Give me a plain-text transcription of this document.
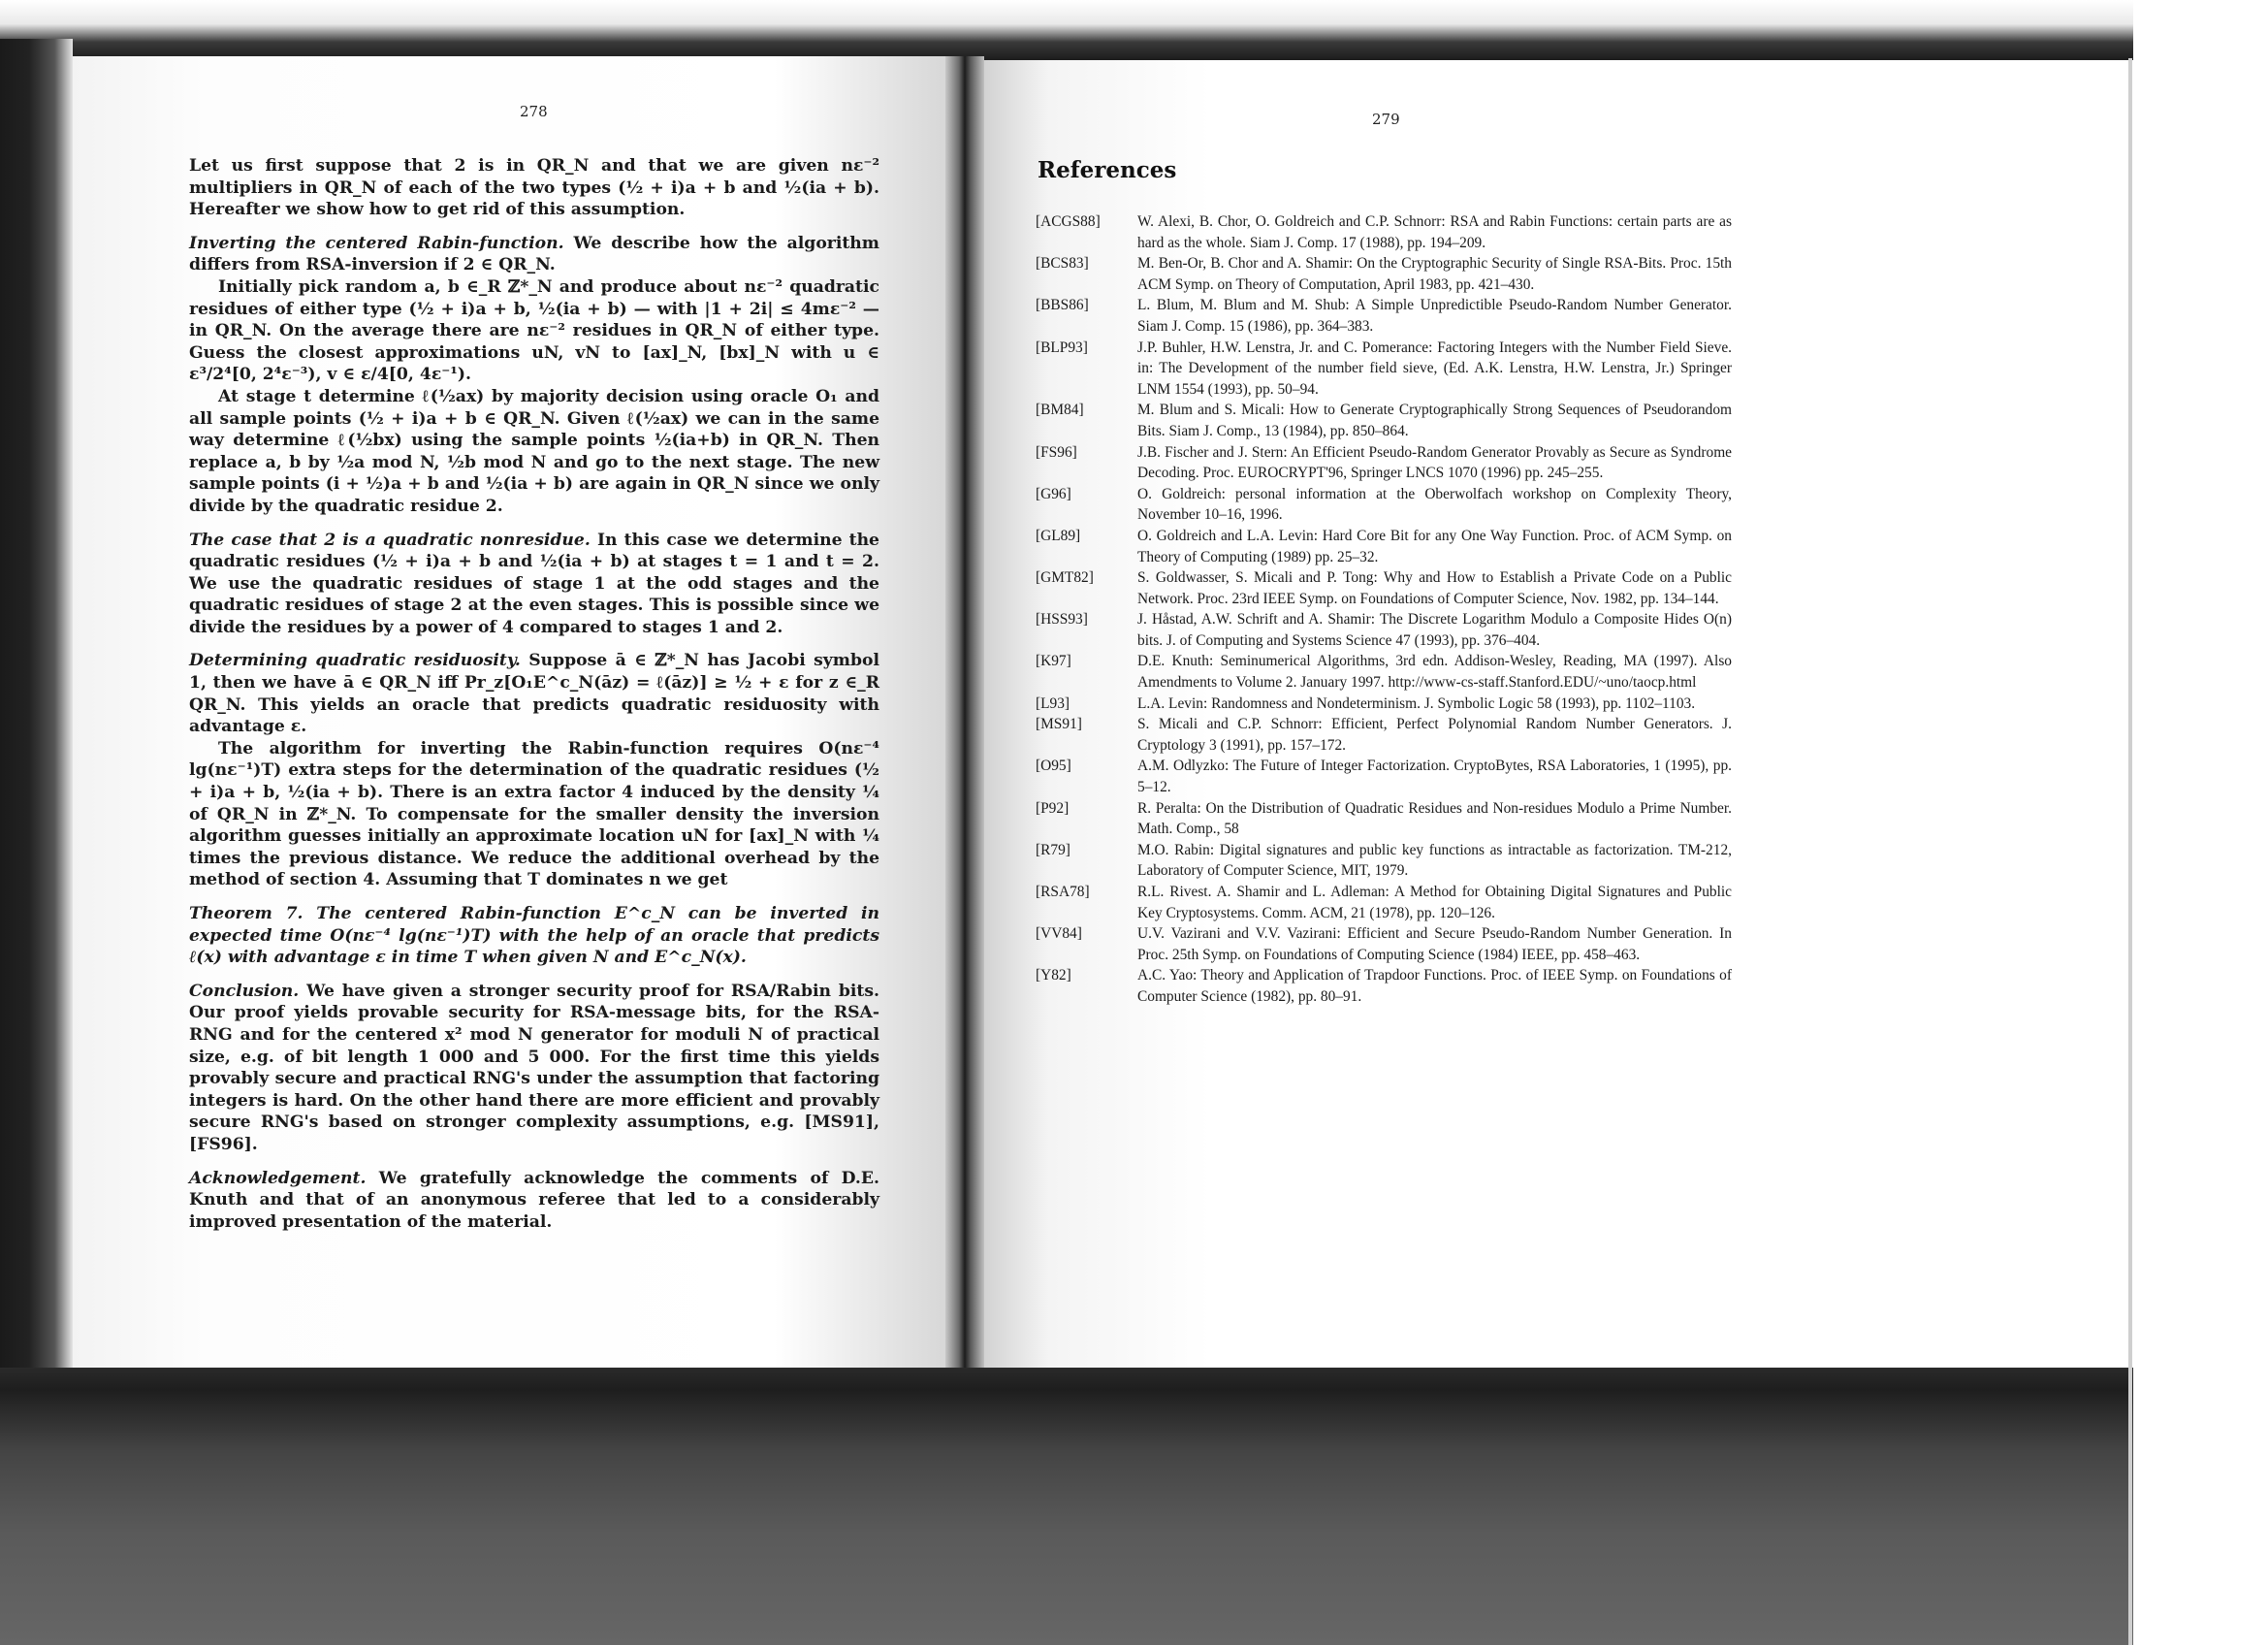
278	279

Let us first suppose that 2 is in QR_N and that we are given nε⁻² multipliers in QR_N of each of the two types (½ + i)a + b and ½(ia + b). Hereafter we show how to get rid of this assumption.

Inverting the centered Rabin-function. We describe how the algorithm differs from RSA-inversion if 2 ∈ QR_N.

Initially pick random a, b ∈_R ℤ*_N and produce about nε⁻² quadratic residues of either type (½ + i)a + b, ½(ia + b) — with |1 + 2i| ≤ 4mε⁻² — in QR_N. On the average there are nε⁻² residues in QR_N of either type. Guess the closest approximations uN, vN to [ax]_N, [bx]_N with u ∈ ε³/2⁴[0, 2⁴ε⁻³), v ∈ ε/4[0, 4ε⁻¹).

At stage t determine ℓ(½ax) by majority decision using oracle O₁ and all sample points (½ + i)a + b ∈ QR_N. Given ℓ(½ax) we can in the same way determine ℓ(½bx) using the sample points ½(ia+b) in QR_N. Then replace a, b by ½a mod N, ½b mod N and go to the next stage. The new sample points (i + ½)a + b and ½(ia + b) are again in QR_N since we only divide by the quadratic residue 2.

The case that 2 is a quadratic nonresidue. In this case we determine the quadratic residues (½ + i)a + b and ½(ia + b) at stages t = 1 and t = 2. We use the quadratic residues of stage 1 at the odd stages and the quadratic residues of stage 2 at the even stages. This is possible since we divide the residues by a power of 4 compared to stages 1 and 2.

Determining quadratic residuosity. Suppose ā ∈ ℤ*_N has Jacobi symbol 1, then we have ā ∈ QR_N iff Pr_z[O₁E^c_N(āz) = ℓ(āz)] ≥ ½ + ε for z ∈_R QR_N. This yields an oracle that predicts quadratic residuosity with advantage ε.

The algorithm for inverting the Rabin-function requires O(nε⁻⁴ lg(nε⁻¹)T) extra steps for the determination of the quadratic residues (½ + i)a + b, ½(ia + b). There is an extra factor 4 induced by the density ¼ of QR_N in ℤ*_N. To compensate for the smaller density the inversion algorithm guesses initially an approximate location uN for [ax]_N with ¼ times the previous distance. We reduce the additional overhead by the method of section 4. Assuming that T dominates n we get

Theorem 7. The centered Rabin-function E^c_N can be inverted in expected time O(nε⁻⁴ lg(nε⁻¹)T) with the help of an oracle that predicts ℓ(x) with advantage ε in time T when given N and E^c_N(x).

Conclusion. We have given a stronger security proof for RSA/Rabin bits. Our proof yields provable security for RSA-message bits, for the RSA-RNG and for the centered x² mod N generator for moduli N of practical size, e.g. of bit length 1 000 and 5 000. For the first time this yields provably secure and practical RNG's under the assumption that factoring integers is hard. On the other hand there are more efficient and provably secure RNG's based on stronger complexity assumptions, e.g. [MS91], [FS96].

Acknowledgement. We gratefully acknowledge the comments of D.E. Knuth and that of an anonymous referee that led to a considerably improved presentation of the material.

References
[ACGS88]	W. Alexi, B. Chor, O. Goldreich and C.P. Schnorr: RSA and Rabin Functions: certain parts are as hard as the whole. Siam J. Comp. 17 (1988), pp. 194–209.
[BCS83]	M. Ben-Or, B. Chor and A. Shamir: On the Cryptographic Security of Single RSA-Bits. Proc. 15th ACM Symp. on Theory of Computation, April 1983, pp. 421–430.
[BBS86]	L. Blum, M. Blum and M. Shub: A Simple Unpredictible Pseudo-Random Number Generator. Siam J. Comp. 15 (1986), pp. 364–383.
[BLP93]	J.P. Buhler, H.W. Lenstra, Jr. and C. Pomerance: Factoring Integers with the Number Field Sieve. in: The Development of the number field sieve, (Ed. A.K. Lenstra, H.W. Lenstra, Jr.) Springer LNM 1554 (1993), pp. 50–94.
[BM84]	M. Blum and S. Micali: How to Generate Cryptographically Strong Sequences of Pseudorandom Bits. Siam J. Comp., 13 (1984), pp. 850–864.
[FS96]	J.B. Fischer and J. Stern: An Efficient Pseudo-Random Generator Provably as Secure as Syndrome Decoding. Proc. EUROCRYPT'96, Springer LNCS 1070 (1996) pp. 245–255.
[G96]	O. Goldreich: personal information at the Oberwolfach workshop on Complexity Theory, November 10–16, 1996.
[GL89]	O. Goldreich and L.A. Levin: Hard Core Bit for any One Way Function. Proc. of ACM Symp. on Theory of Computing (1989) pp. 25–32.
[GMT82]	S. Goldwasser, S. Micali and P. Tong: Why and How to Establish a Private Code on a Public Network. Proc. 23rd IEEE Symp. on Foundations of Computer Science, Nov. 1982, pp. 134–144.
[HSS93]	J. Håstad, A.W. Schrift and A. Shamir: The Discrete Logarithm Modulo a Composite Hides O(n) bits. J. of Computing and Systems Science 47 (1993), pp. 376–404.
[K97]	D.E. Knuth: Seminumerical Algorithms, 3rd edn. Addison-Wesley, Reading, MA (1997). Also Amendments to Volume 2. January 1997. http://www-cs-staff.Stanford.EDU/~uno/taocp.html
[L93]	L.A. Levin: Randomness and Nondeterminism. J. Symbolic Logic 58 (1993), pp. 1102–1103.
[MS91]	S. Micali and C.P. Schnorr: Efficient, Perfect Polynomial Random Number Generators. J. Cryptology 3 (1991), pp. 157–172.
[O95]	A.M. Odlyzko: The Future of Integer Factorization. CryptoBytes, RSA Laboratories, 1 (1995), pp. 5–12.
[P92]	R. Peralta: On the Distribution of Quadratic Residues and Non-residues Modulo a Prime Number. Math. Comp., 58
[R79]	M.O. Rabin: Digital signatures and public key functions as intractable as factorization. TM-212, Laboratory of Computer Science, MIT, 1979.
[RSA78]	R.L. Rivest. A. Shamir and L. Adleman: A Method for Obtaining Digital Signatures and Public Key Cryptosystems. Comm. ACM, 21 (1978), pp. 120–126.
[VV84]	U.V. Vazirani and V.V. Vazirani: Efficient and Secure Pseudo-Random Number Generation. In Proc. 25th Symp. on Foundations of Computing Science (1984) IEEE, pp. 458–463.
[Y82]	A.C. Yao: Theory and Application of Trapdoor Functions. Proc. of IEEE Symp. on Foundations of Computer Science (1982), pp. 80–91.
